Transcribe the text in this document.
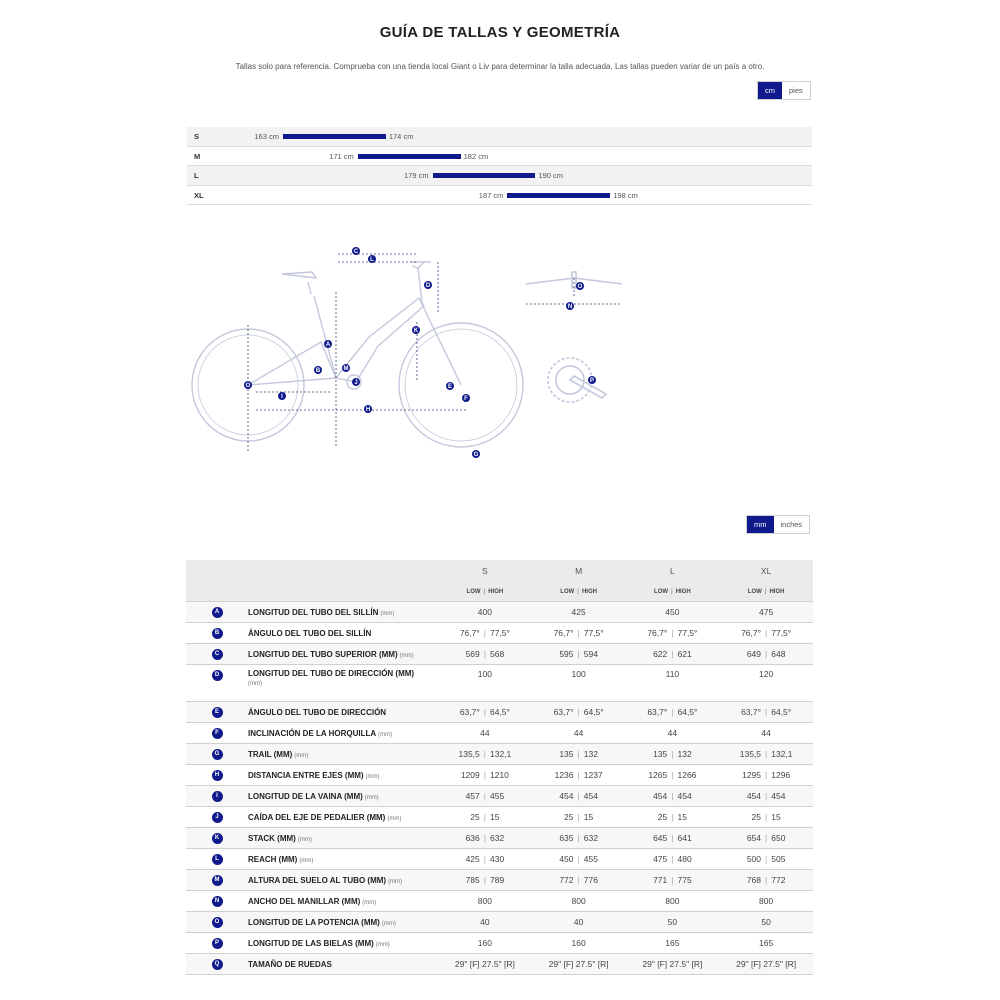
GUÍA DE TALLAS Y GEOMETRÍA
Tallas solo para referencia. Comprueba con una tienda local Giant o Liv para determinar la talla adecuada. Las tallas pueden variar de un país a otro.
cm	pies
S	163 cm	174 cm
M	171 cm	182 cm
L	179 cm	190 cm
XL	187 cm	198 cm
C
L
D
K
A
B	M
J
E
F
O
I
H
G
O
N
P
mm	inches
		S	M	L	XL
		LOW | HIGH	LOW | HIGH	LOW | HIGH	LOW | HIGH
A	LONGITUD DEL TUBO DEL SILLÍN (mm)	400	425	450	475
B	ÁNGULO DEL TUBO DEL SILLÍN	76,7° | 77,5°	76,7° | 77,5°	76,7° | 77,5°	76,7° | 77,5°
C	LONGITUD DEL TUBO SUPERIOR (MM) (mm)	569 | 568	595 | 594	622 | 621	649 | 648
D	LONGITUD DEL TUBO DE DIRECCIÓN (MM)
(mm)	100	100	110	120
E	ÁNGULO DEL TUBO DE DIRECCIÓN	63,7° | 64,5°	63,7° | 64,5°	63,7° | 64,5°	63,7° | 64,5°
F	INCLINACIÓN DE LA HORQUILLA (mm)	44	44	44	44
G	TRAIL (MM) (mm)	135,5 | 132,1	135 | 132	135 | 132	135,5 | 132,1
H	DISTANCIA ENTRE EJES (MM) (mm)	1209 | 1210	1236 | 1237	1265 | 1266	1295 | 1296
I	LONGITUD DE LA VAINA (MM) (mm)	457 | 455	454 | 454	454 | 454	454 | 454
J	CAÍDA DEL EJE DE PEDALIER (MM) (mm)	25 | 15	25 | 15	25 | 15	25 | 15
K	STACK (MM) (mm)	636 | 632	635 | 632	645 | 641	654 | 650
L	REACH (MM) (mm)	425 | 430	450 | 455	475 | 480	500 | 505
M	ALTURA DEL SUELO AL TUBO (MM) (mm)	785 | 789	772 | 776	771 | 775	768 | 772
N	ANCHO DEL MANILLAR (MM) (mm)	800	800	800	800
O	LONGITUD DE LA POTENCIA (MM) (mm)	40	40	50	50
P	LONGITUD DE LAS BIELAS (MM) (mm)	160	160	165	165
Q	TAMAÑO DE RUEDAS	29" [F] 27.5" [R]	29" [F] 27.5" [R]	29" [F] 27.5" [R]	29" [F] 27.5" [R]
